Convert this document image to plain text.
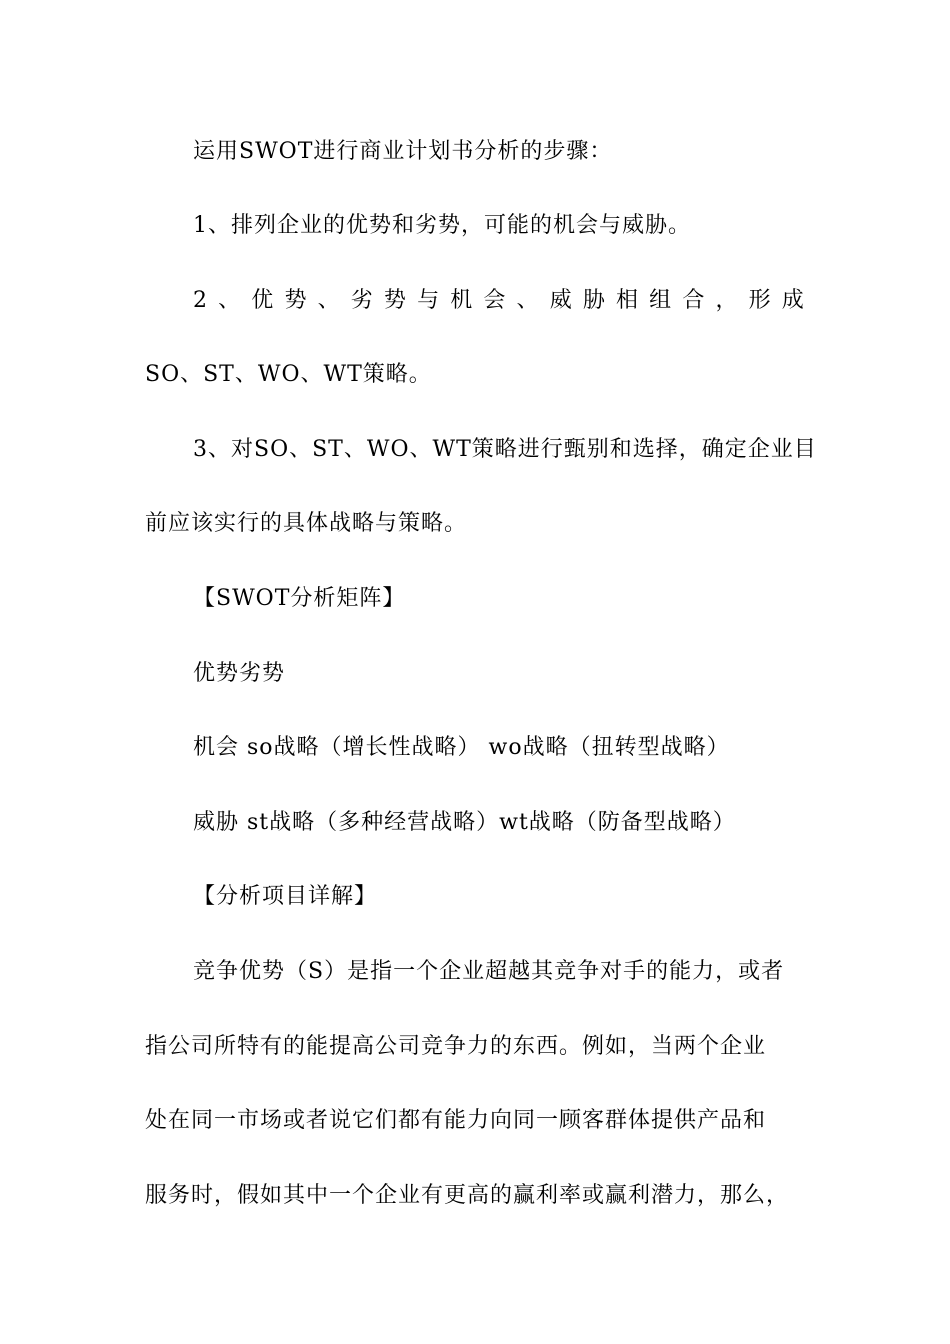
运用SWOT进行商业计划书分析的步骤：
1、排列企业的优势和劣势，可能的机会与威胁。
2 、 优 势 、 劣 势 与 机 会 、 威 胁 相 组 合 ， 形 成
SO、ST、WO、WT策略。
3、对SO、ST、WO、WT策略进行甄别和选择，确定企业目
前应该实行的具体战略与策略。
【SWOT分析矩阵】
优势劣势
机会 so战略（增长性战略） wo战略（扭转型战略）
威胁 st战略（多种经营战略）wt战略（防备型战略）
【分析项目详解】
竞争优势（S）是指一个企业超越其竞争对手的能力，或者
指公司所特有的能提高公司竞争力的东西。例如，当两个企业
处在同一市场或者说它们都有能力向同一顾客群体提供产品和
服务时，假如其中一个企业有更高的赢利率或赢利潜力，那么，
